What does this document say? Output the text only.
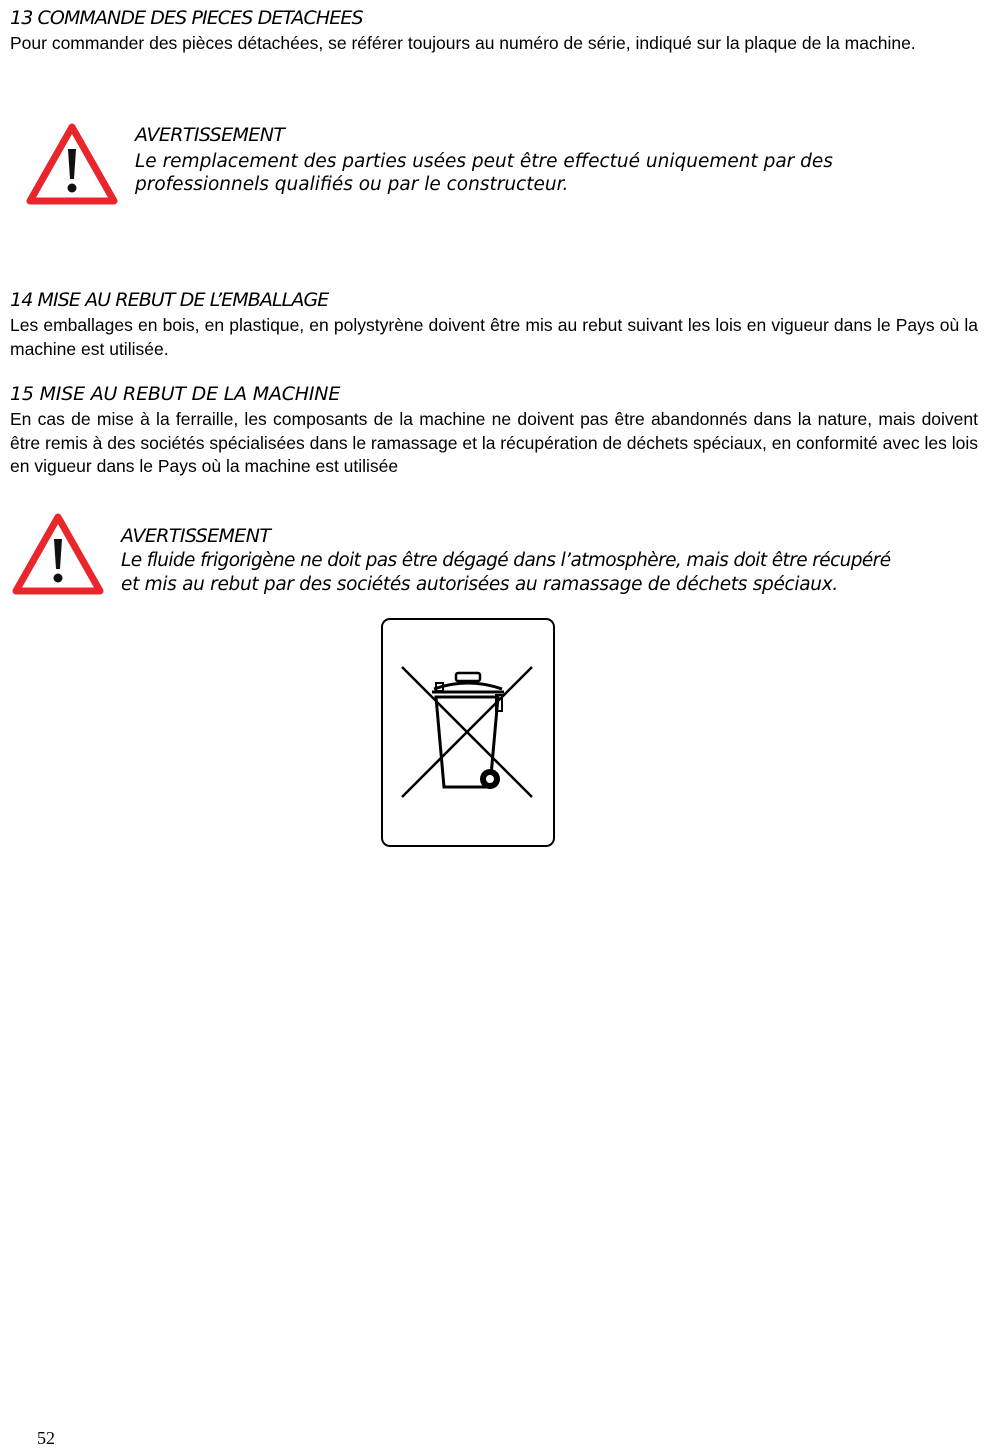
13 COMMANDE DES PIECES DETACHEES

Pour commander des pièces détachées, se référer toujours au numéro de série, indiqué sur la plaque de la machine.

AVERTISSEMENT
Le remplacement des parties usées peut être effectué uniquement par des
professionnels qualifiés ou par le constructeur.
14 MISE AU REBUT DE L’EMBALLAGE

Les emballages en bois, en plastique, en polystyrène doivent être mis au rebut suivant les lois en vigueur dans le Pays où la machine est utilisée.

15 MISE AU REBUT DE LA MACHINE

En cas de mise à la ferraille, les composants de la machine ne doivent pas être abandonnés dans la nature, mais doivent être remis à des sociétés spécialisées dans le ramassage et la récupération de déchets spéciaux, en conformité avec les lois en vigueur dans le Pays où la machine est utilisée

AVERTISSEMENT
Le fluide frigorigène ne doit pas être dégagé dans l’atmosphère, mais doit être récupéré
et mis au rebut par des sociétés autorisées au ramassage de déchets spéciaux.
52
